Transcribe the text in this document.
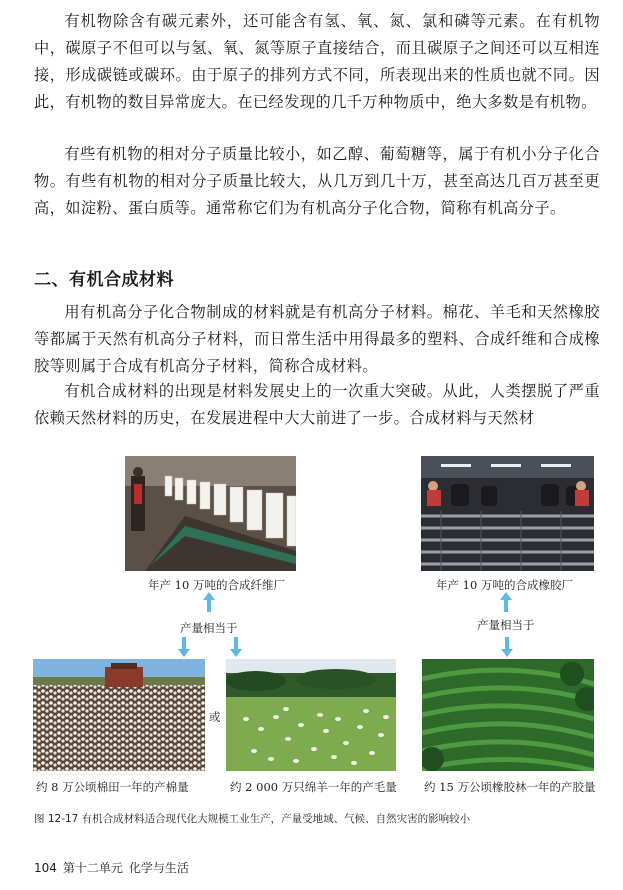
有机物除含有碳元素外，还可能含有氢、氧、氮、氯和磷等元素。在有机物中，碳原子不但可以与氢、氧、氮等原子直接结合，而且碳原子之间还可以互相连接，形成碳链或碳环。由于原子的排列方式不同，所表现出来的性质也就不同。因此，有机物的数目异常庞大。在已经发现的几千万种物质中，绝大多数是有机物。

有些有机物的相对分子质量比较小，如乙醇、葡萄糖等，属于有机小分子化合物。有些有机物的相对分子质量比较大，从几万到几十万，甚至高达几百万甚至更高，如淀粉、蛋白质等。通常称它们为有机高分子化合物，简称有机高分子。

二、有机合成材料

用有机高分子化合物制成的材料就是有机高分子材料。棉花、羊毛和天然橡胶等都属于天然有机高分子材料，而日常生活中用得最多的塑料、合成纤维和合成橡胶等则属于合成有机高分子材料，简称合成材料。

有机合成材料的出现是材料发展史上的一次重大突破。从此，人类摆脱了严重依赖天然材料的历史，在发展进程中大大前进了一步。合成材料与天然材

年产 10 万吨的合成纤维厂	年产 10 万吨的合成橡胶厂
产量相当于	产量相当于
或
约 8 万公顷棉田一年的产棉量	约 2 000 万只绵羊一年的产毛量 约 15 万公顷橡胶林一年的产胶量
图 12-17 有机合成材料适合现代化大规模工业生产，产量受地域、气候、自然灾害的影响较小
104 第十二单元 化学与生活
